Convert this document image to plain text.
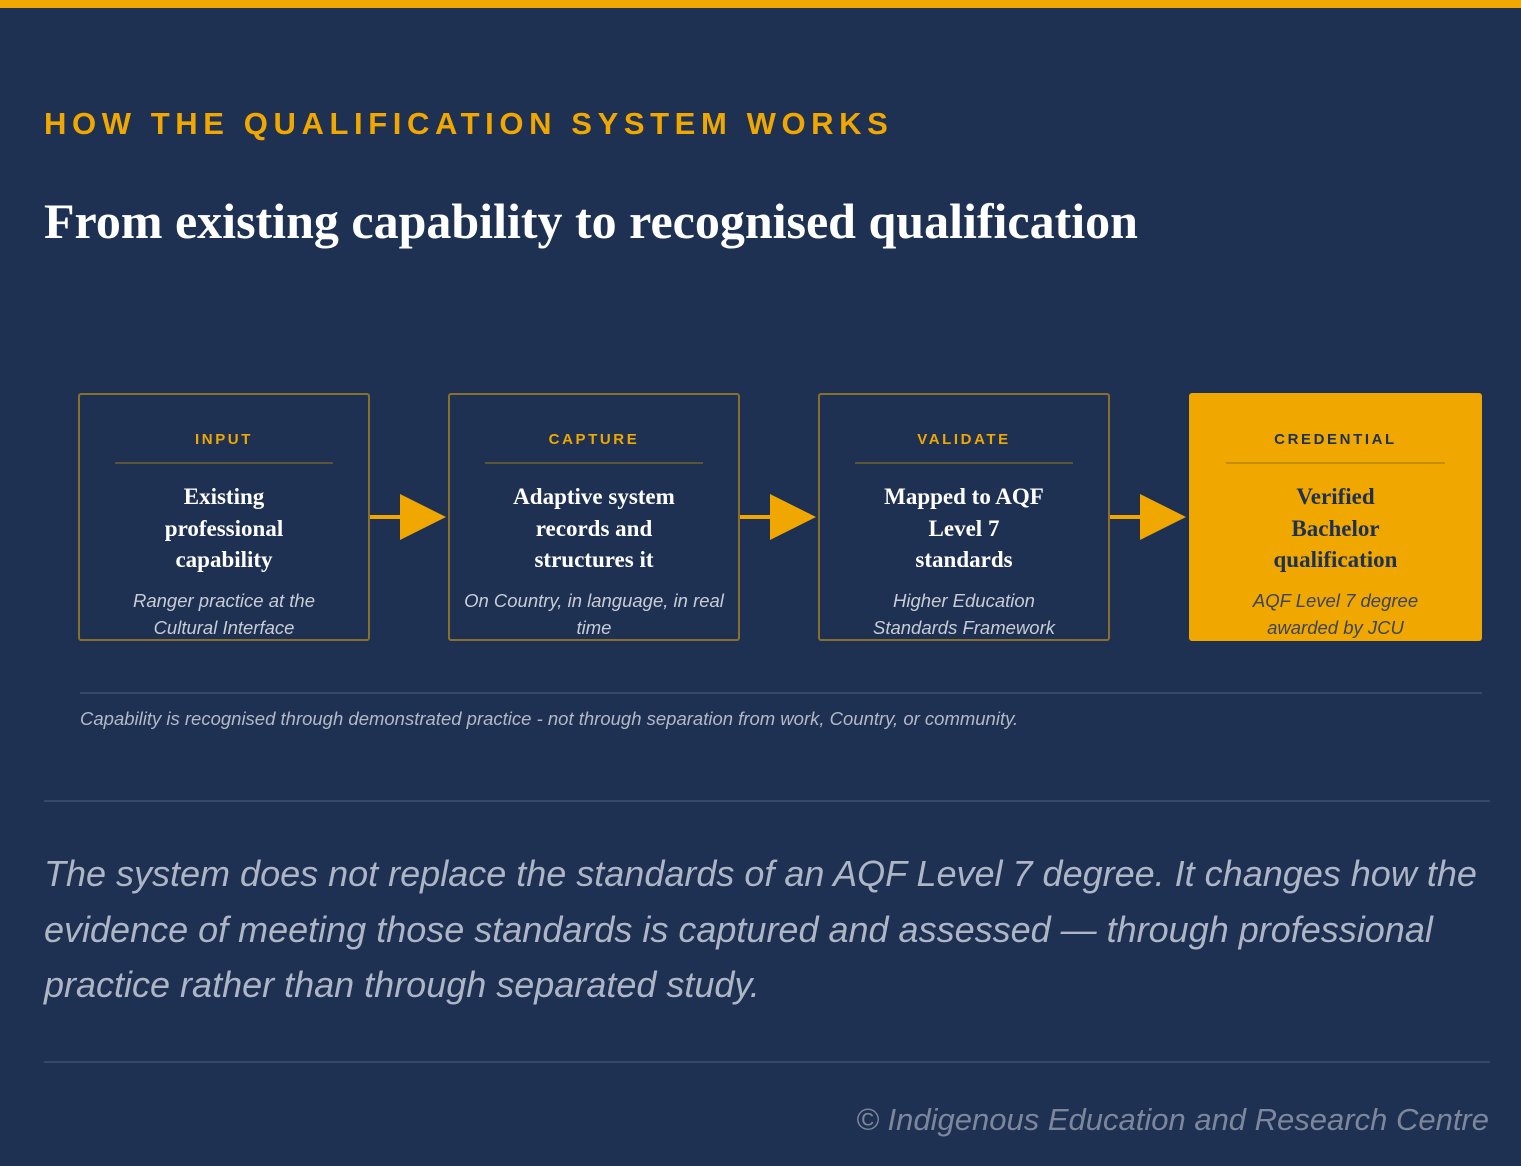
HOW THE QUALIFICATION SYSTEM WORKS
From existing capability to recognised qualification
INPUT
Existing professional capability
Ranger practice at the Cultural Interface
CAPTURE
Adaptive system records and structures it
On Country, in language, in real time
VALIDATE
Mapped to AQF Level 7 standards
Higher Education Standards Framework
CREDENTIAL
Verified Bachelor qualification
AQF Level 7 degree awarded by JCU
Capability is recognised through demonstrated practice - not through separation from work, Country, or community.
The system does not replace the standards of an AQF Level 7 degree. It changes how the evidence of meeting those standards is captured and assessed — through professional practice rather than through separated study.
© Indigenous Education and Research Centre
